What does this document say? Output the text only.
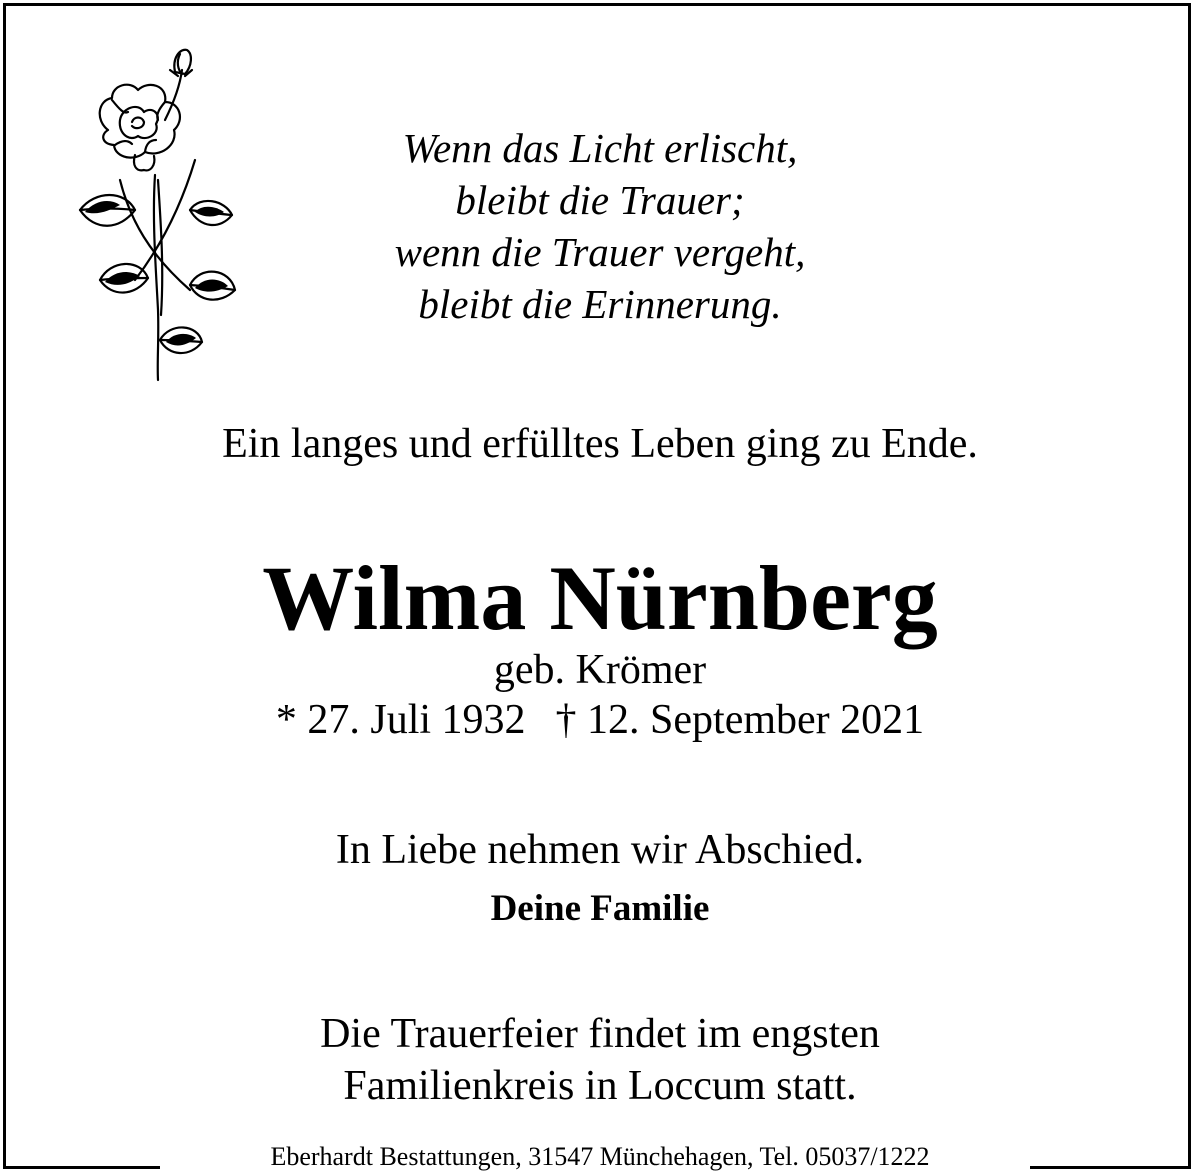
Wenn das Licht erlischt,
bleibt die Trauer;
wenn die Trauer vergeht,
bleibt die Erinnerung.
Ein langes und erfülltes Leben ging zu Ende.
Wilma Nürnberg
geb. Krömer
* 27. Juli 1932 † 12. September 2021
In Liebe nehmen wir Abschied.
Deine Familie
Die Trauerfeier findet im engsten
Familienkreis in Loccum statt.
Eberhardt Bestattungen, 31547 Münchehagen, Tel. 05037/1222
